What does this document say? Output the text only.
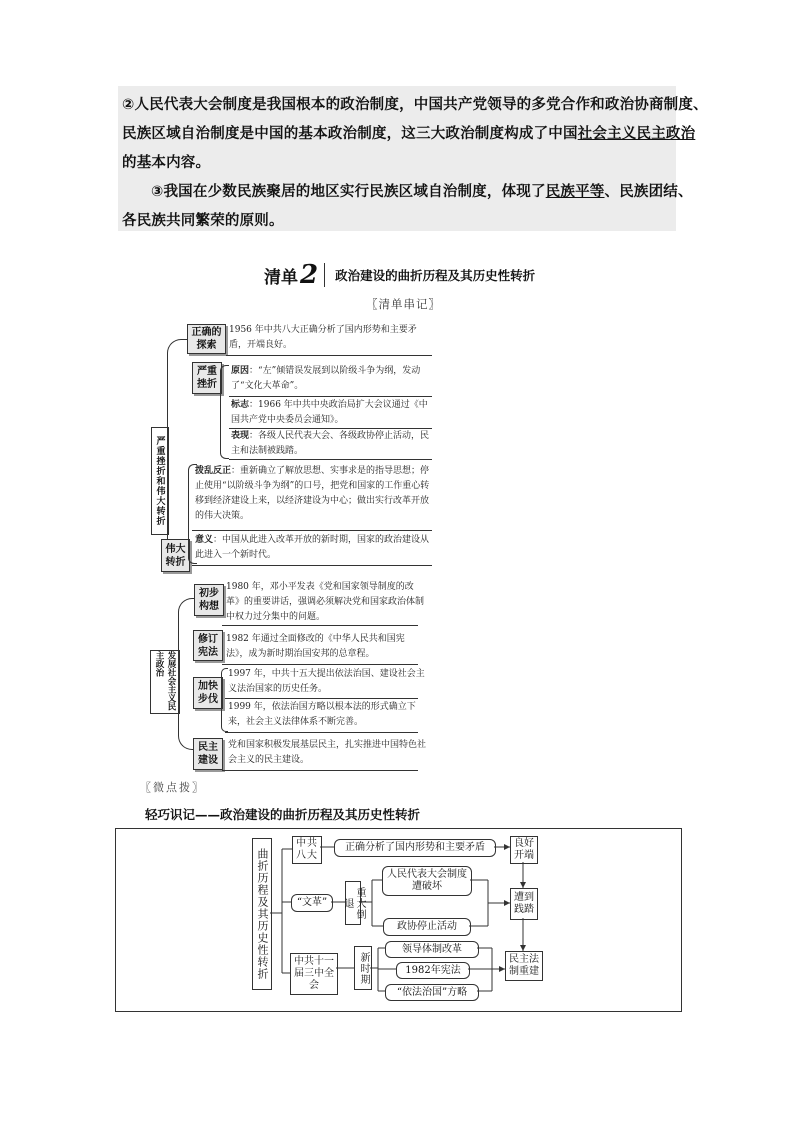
②人民代表大会制度是我国根本的政治制度，中国共产党领导的多党合作和政治协商制度、

民族区域自治制度是中国的基本政治制度，这三大政治制度构成了中国社会主义民主政治

的基本内容。

③我国在少数民族聚居的地区实行民族区域自治制度，体现了民族平等、民族团结、

各民族共同繁荣的原则。

清单 2 政治建设的曲折历程及其历史性转折
〖清单串记〗
严重挫折和伟大转折
正确的探索
1956 年中共八大正确分析了国内形势和主要矛盾，开端良好。
严重挫折
原因：“左”倾错误发展到以阶级斗争为纲，发动了“文化大革命”。
标志：1966 年中共中央政治局扩大会议通过《中国共产党中央委员会通知》。
表现：各级人民代表大会、各级政协停止活动，民主和法制被践踏。
伟大转折
拨乱反正：重新确立了解放思想、实事求是的指导思想；停止使用“以阶级斗争为纲”的口号，把党和国家的工作重心转移到经济建设上来，以经济建设为中心；做出实行改革开放的伟大决策。
意义：中国从此进入改革开放的新时期，国家的政治建设从此进入一个新时代。
发展社会主义民主政治
初步构想
1980 年，邓小平发表《党和国家领导制度的改革》的重要讲话，强调必须解决党和国家政治体制中权力过分集中的问题。
修订宪法
1982 年通过全面修改的《中华人民共和国宪法》，成为新时期治国安邦的总章程。
加快步伐
1997 年，中共十五大提出依法治国、建设社会主义法治国家的历史任务。
1999 年，依法治国方略以根本法的形式确立下来，社会主义法律体系不断完善。
民主建设
党和国家积极发展基层民主，扎实推进中国特色社会主义的民主建设。
〖微点拨〗
轻巧识记——政治建设的曲折历程及其历史性转折
曲折历程及其历史性转折
中共八大
正确分析了国内形势和主要矛盾	良好开端
“文革”	重大倒退
人民代表大会制度遭破坏
政协停止活动
遭到践踏
中共十一届三中全会
新时期
领导体制改革
1982年宪法
“依法治国”方略
民主法制重建
